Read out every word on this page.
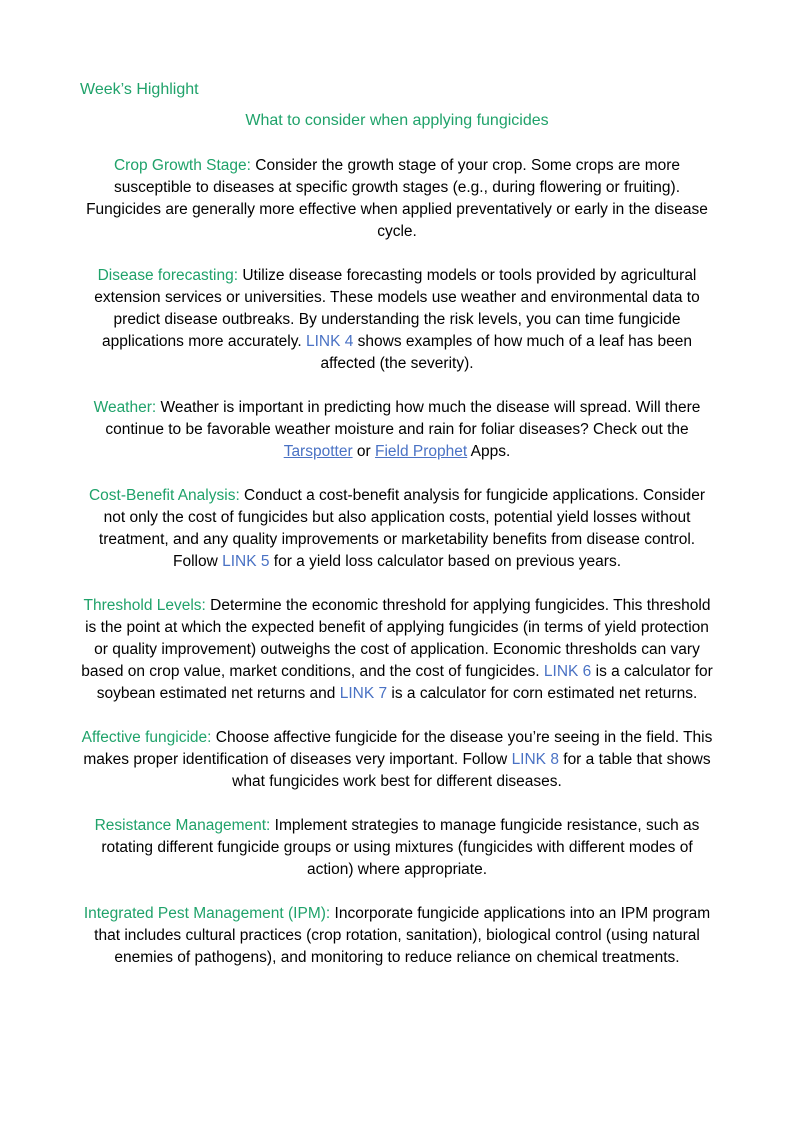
Week’s Highlight
What to consider when applying fungicides

Crop Growth Stage: Consider the growth stage of your crop. Some crops are more susceptible to diseases at specific growth stages (e.g., during flowering or fruiting). Fungicides are generally more effective when applied preventatively or early in the disease cycle.

Disease forecasting: Utilize disease forecasting models or tools provided by agricultural extension services or universities. These models use weather and environmental data to predict disease outbreaks. By understanding the risk levels, you can time fungicide applications more accurately. LINK 4 shows examples of how much of a leaf has been affected (the severity).

Weather: Weather is important in predicting how much the disease will spread. Will there continue to be favorable weather moisture and rain for foliar diseases? Check out the Tarspotter or Field Prophet Apps.

Cost-Benefit Analysis: Conduct a cost-benefit analysis for fungicide applications. Consider not only the cost of fungicides but also application costs, potential yield losses without treatment, and any quality improvements or marketability benefits from disease control. Follow LINK 5 for a yield loss calculator based on previous years.

Threshold Levels: Determine the economic threshold for applying fungicides. This threshold is the point at which the expected benefit of applying fungicides (in terms of yield protection or quality improvement) outweighs the cost of application. Economic thresholds can vary based on crop value, market conditions, and the cost of fungicides. LINK 6 is a calculator for soybean estimated net returns and LINK 7 is a calculator for corn estimated net returns.

Affective fungicide: Choose affective fungicide for the disease you’re seeing in the field. This makes proper identification of diseases very important. Follow LINK 8 for a table that shows what fungicides work best for different diseases.

Resistance Management: Implement strategies to manage fungicide resistance, such as rotating different fungicide groups or using mixtures (fungicides with different modes of action) where appropriate.

Integrated Pest Management (IPM): Incorporate fungicide applications into an IPM program that includes cultural practices (crop rotation, sanitation), biological control (using natural enemies of pathogens), and monitoring to reduce reliance on chemical treatments.
